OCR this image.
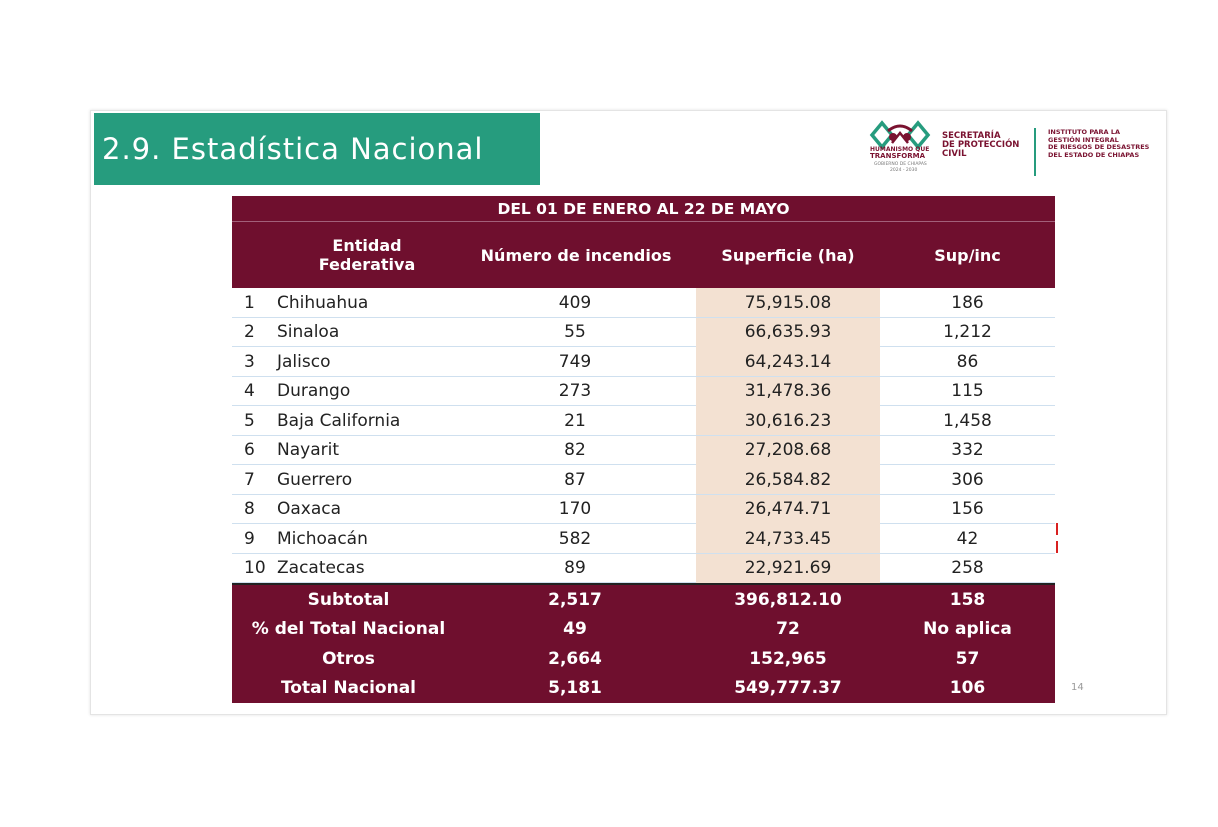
2.9. Estadística Nacional	HUMANISMO QUE
TRANSFORMA
GOBIERNO DE CHIAPAS
2024 - 2030
SECRETARÍA
DE PROTECCIÓN
CIVIL
INSTITUTO PARA LA
GESTIÓN INTEGRAL
DE RIESGOS DE DESASTRES
DEL ESTADO DE CHIAPAS
DEL 01 DE ENERO AL 22 DE MAYO
Entidad
Federativa	Número de incendios	Superficie (ha)	Sup/inc
1 Chihuahua	409	75,915.08	186
2 Sinaloa	55	66,635.93	1,212
3 Jalisco	749	64,243.14	86
4 Durango	273	31,478.36	115
5 Baja California	21	30,616.23	1,458
6 Nayarit	82	27,208.68	332
7 Guerrero	87	26,584.82	306
8 Oaxaca	170	26,474.71	156
9 Michoacán	582	24,733.45	42
10 Zacatecas	89	22,921.69	258
Subtotal	2,517	396,812.10	158
% del Total Nacional	49	72	No aplica
Otros	2,664	152,965	57
Total Nacional	5,181	549,777.37	106	14
